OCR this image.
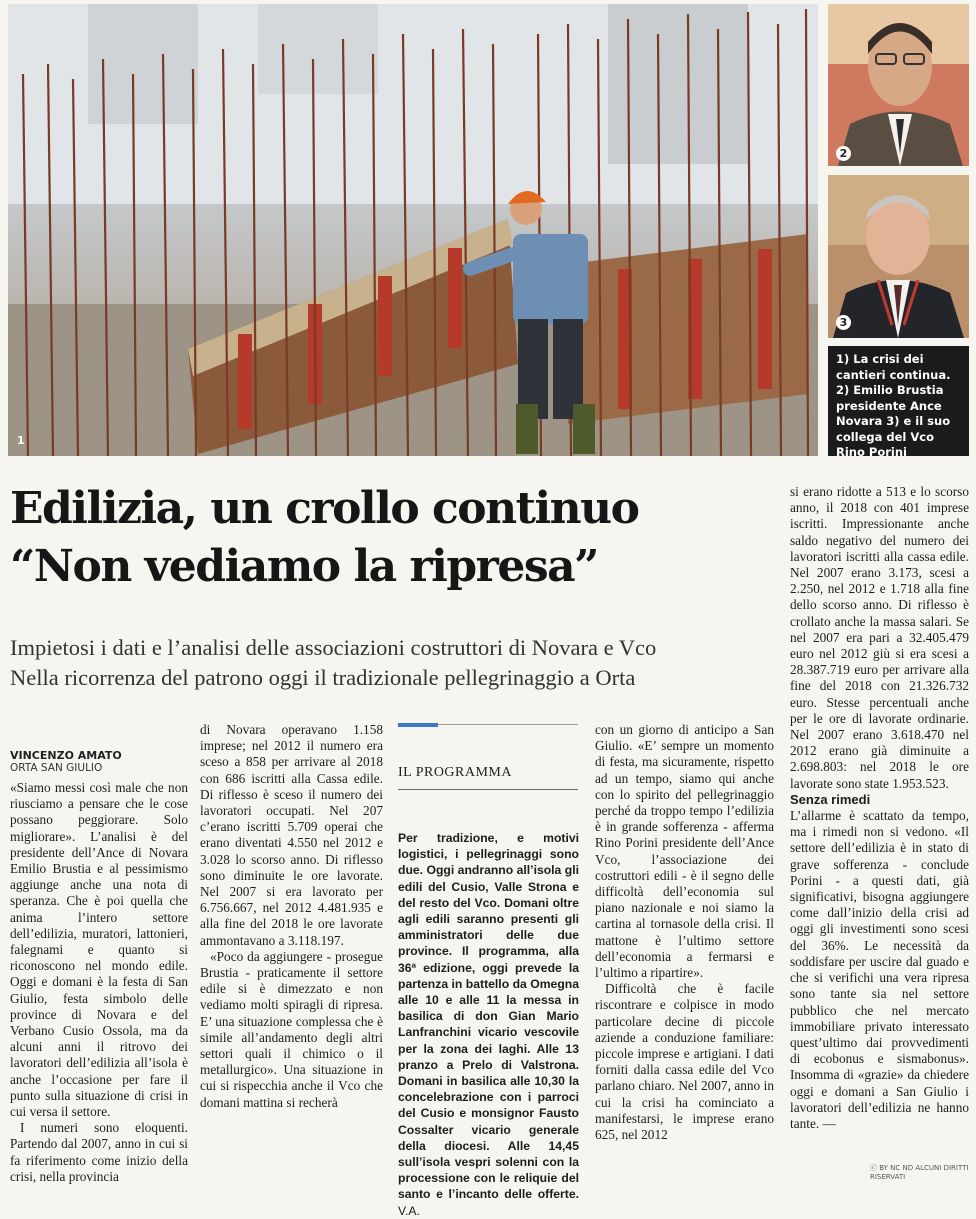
1
2
3
1) La crisi dei cantieri continua. 2) Emilio Brustia presidente Ance Novara 3) e il suo collega del Vco Rino Porini
Edilizia, un crollo continuo
“Non vediamo la ripresa”
Impietosi i dati e l’analisi delle associazioni costruttori di Novara e Vco
Nella ricorrenza del patrono oggi il tradizionale pellegrinaggio a Orta
VINCENZO AMATO
ORTA SAN GIULIO

«Siamo messi così male che non riusciamo a pensare che le cose possano peggiorare. Solo migliorare». L’analisi è del presidente dell’Ance di Novara Emilio Brustia e al pessimismo aggiunge anche una nota di speranza. Che è poi quella che anima l’intero settore dell’edilizia, muratori, lattonieri, falegnami e quanto si riconoscono nel mondo edile. Oggi e domani è la festa di San Giulio, festa simbolo delle province di Novara e del Verbano Cusio Ossola, ma da alcuni anni il ritrovo dei lavoratori dell’edilizia all’isola è anche l’occasione per fare il punto sulla situazione di crisi in cui versa il settore.

I numeri sono eloquenti. Partendo dal 2007, anno in cui si fa riferimento come inizio della crisi, nella provincia

di Novara operavano 1.158 imprese; nel 2012 il numero era sceso a 858 per arrivare al 2018 con 686 iscritti alla Cassa edile. Di riflesso è sceso il numero dei lavoratori occupati. Nel 207 c’erano iscritti 5.709 operai che erano diventati 4.550 nel 2012 e 3.028 lo scorso anno. Di riflesso sono diminuite le ore lavorate. Nel 2007 si era lavorato per 6.756.667, nel 2012 4.481.935 e alla fine del 2018 le ore lavorate ammontavano a 3.118.197.

«Poco da aggiungere - prosegue Brustia - praticamente il settore edile si è dimezzato e non vediamo molti spiragli di ripresa. E’ una situazione complessa che è simile all’andamento degli altri settori quali il chimico o il metallurgico». Una situazione in cui si rispecchia anche il Vco che domani mattina si recherà

IL PROGRAMMA
Per tradizione, e motivi logistici, i pellegrinaggi sono due. Oggi andranno all’isola gli edili del Cusio, Valle Strona e del resto del Vco. Domani oltre agli edili saranno presenti gli amministratori delle due province. Il programma, alla 36ª edizione, oggi prevede la partenza in battello da Omegna alle 10 e alle 11 la messa in basilica di don Gian Mario Lanfranchini vicario vescovile per la zona dei laghi. Alle 13 pranzo a Prelo di Valstrona. Domani in basilica alle 10,30 la concelebrazione con i parroci del Cusio e monsignor Fausto Cossalter vicario generale della diocesi. Alle 14,45 sull’isola vespri solenni con la processione con le reliquie del santo e l’incanto delle offerte. V.A.

con un giorno di anticipo a San Giulio. «E’ sempre un momento di festa, ma sicuramente, rispetto ad un tempo, siamo qui anche con lo spirito del pellegrinaggio perché da troppo tempo l’edilizia è in grande sofferenza - afferma Rino Porini presidente dell’Ance Vco, l’associazione dei costruttori edili - è il segno delle difficoltà dell’economia sul piano nazionale e noi siamo la cartina al tornasole della crisi. Il mattone è l’ultimo settore dell’economia a fermarsi e l’ultimo a ripartire».

Difficoltà che è facile riscontrare e colpisce in modo particolare decine di piccole aziende a conduzione familiare: piccole imprese e artigiani. I dati forniti dalla cassa edile del Vco parlano chiaro. Nel 2007, anno in cui la crisi ha cominciato a manifestarsi, le imprese erano 625, nel 2012

si erano ridotte a 513 e lo scorso anno, il 2018 con 401 imprese iscritti. Impressionante anche saldo negativo del numero dei lavoratori iscritti alla cassa edile. Nel 2007 erano 3.173, scesi a 2.250, nel 2012 e 1.718 alla fine dello scorso anno. Di riflesso è crollato anche la massa salari. Se nel 2007 era pari a 32.405.479 euro nel 2012 giù si era scesi a 28.387.719 euro per arrivare alla fine del 2018 con 21.326.732 euro. Stesse percentuali anche per le ore di lavorate ordinarie. Nel 2007 erano 3.618.470 nel 2012 erano già diminuite a 2.698.803: nel 2018 le ore lavorate sono state 1.953.523.

Senza rimedi

L’allarme è scattato da tempo, ma i rimedi non si vedono. «Il settore dell’edilizia è in stato di grave sofferenza - conclude Porini - a questi dati, già significativi, bisogna aggiungere come dall’inizio della crisi ad oggi gli investimenti sono scesi del 36%. Le necessità da soddisfare per uscire dal guado e che si verifichi una vera ripresa sono tante sia nel settore pubblico che nel mercato immobiliare privato interessato quest’ultimo dai provvedimenti di ecobonus e sismabonus». Insomma di «grazie» da chiedere oggi e domani a San Giulio i lavoratori dell’edilizia ne hanno tante. —

ⓒ BY NC ND ALCUNI DIRITTI RISERVATI
